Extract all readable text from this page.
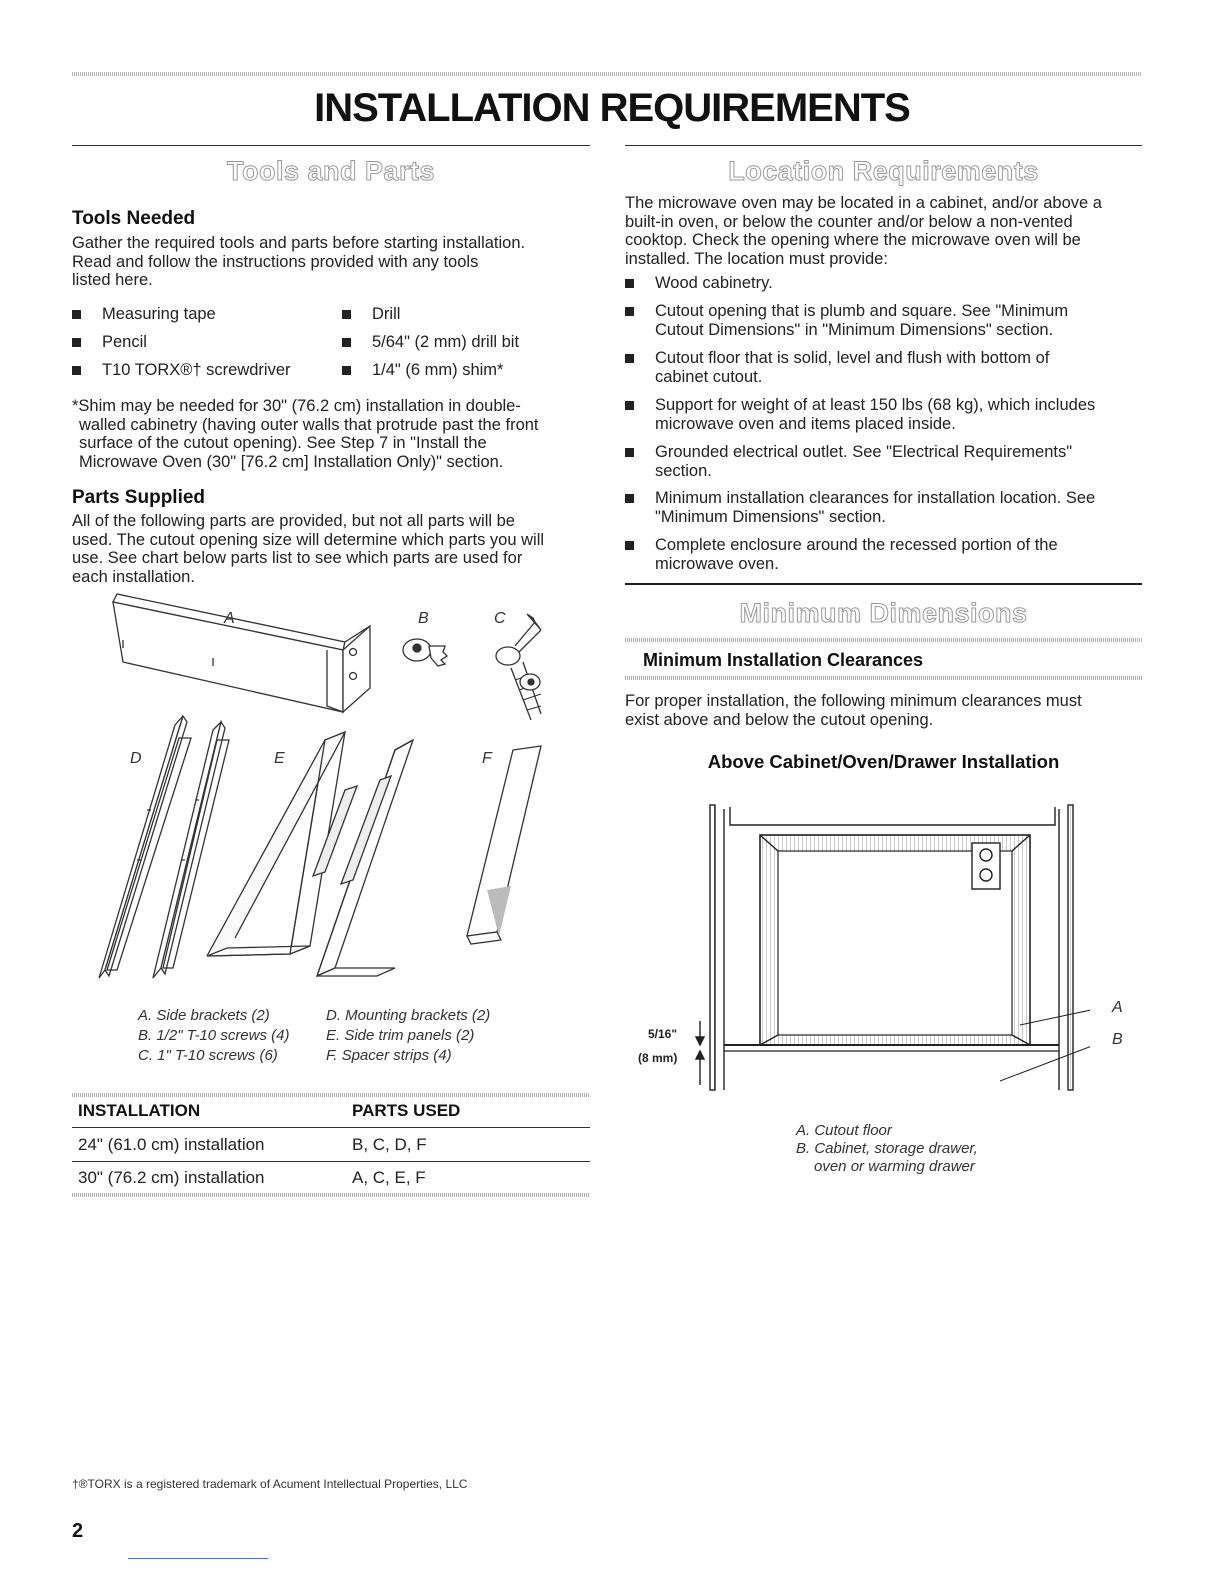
INSTALLATION REQUIREMENTS
Tools and Parts
Tools Needed
Gather the required tools and parts before starting installation.
Read and follow the instructions provided with any tools
listed here.
Measuring tape
Pencil
T10 TORX®† screwdriver
Drill
5/64" (2 mm) drill bit
1/4" (6 mm) shim*
*Shim may be needed for 30" (76.2 cm) installation in double-
walled cabinetry (having outer walls that protrude past the front
surface of the cutout opening). See Step 7 in "Install the
Microwave Oven (30" [76.2 cm] Installation Only)" section.
Parts Supplied
All of the following parts are provided, but not all parts will be
used. The cutout opening size will determine which parts you will
use. See chart below parts list to see which parts are used for
each installation.
A	B	C
D	E	F
A. Side brackets (2)
B. 1/2" T-10 screws (4)
C. 1" T-10 screws (6)
D. Mounting brackets (2)
E. Side trim panels (2)
F. Spacer strips (4)
INSTALLATION	PARTS USED
24" (61.0 cm) installation	B, C, D, F
30" (76.2 cm) installation	A, C, E, F
Location Requirements
The microwave oven may be located in a cabinet, and/or above a
built-in oven, or below the counter and/or below a non-vented
cooktop. Check the opening where the microwave oven will be
installed. The location must provide:
Wood cabinetry.
Cutout opening that is plumb and square. See "Minimum
Cutout Dimensions" in "Minimum Dimensions" section.
Cutout floor that is solid, level and flush with bottom of
cabinet cutout.
Support for weight of at least 150 lbs (68 kg), which includes
microwave oven and items placed inside.
Grounded electrical outlet. See "Electrical Requirements"
section.
Minimum installation clearances for installation location. See
"Minimum Dimensions" section.
Complete enclosure around the recessed portion of the
microwave oven.
Minimum Dimensions
Minimum Installation Clearances
For proper installation, the following minimum clearances must
exist above and below the cutout opening.
Above Cabinet/Oven/Drawer Installation
5/16"
(8 mm)
A
B
A. Cutout floor
B. Cabinet, storage drawer,
oven or warming drawer
†®TORX is a registered trademark of Acument Intellectual Properties, LLC
2
